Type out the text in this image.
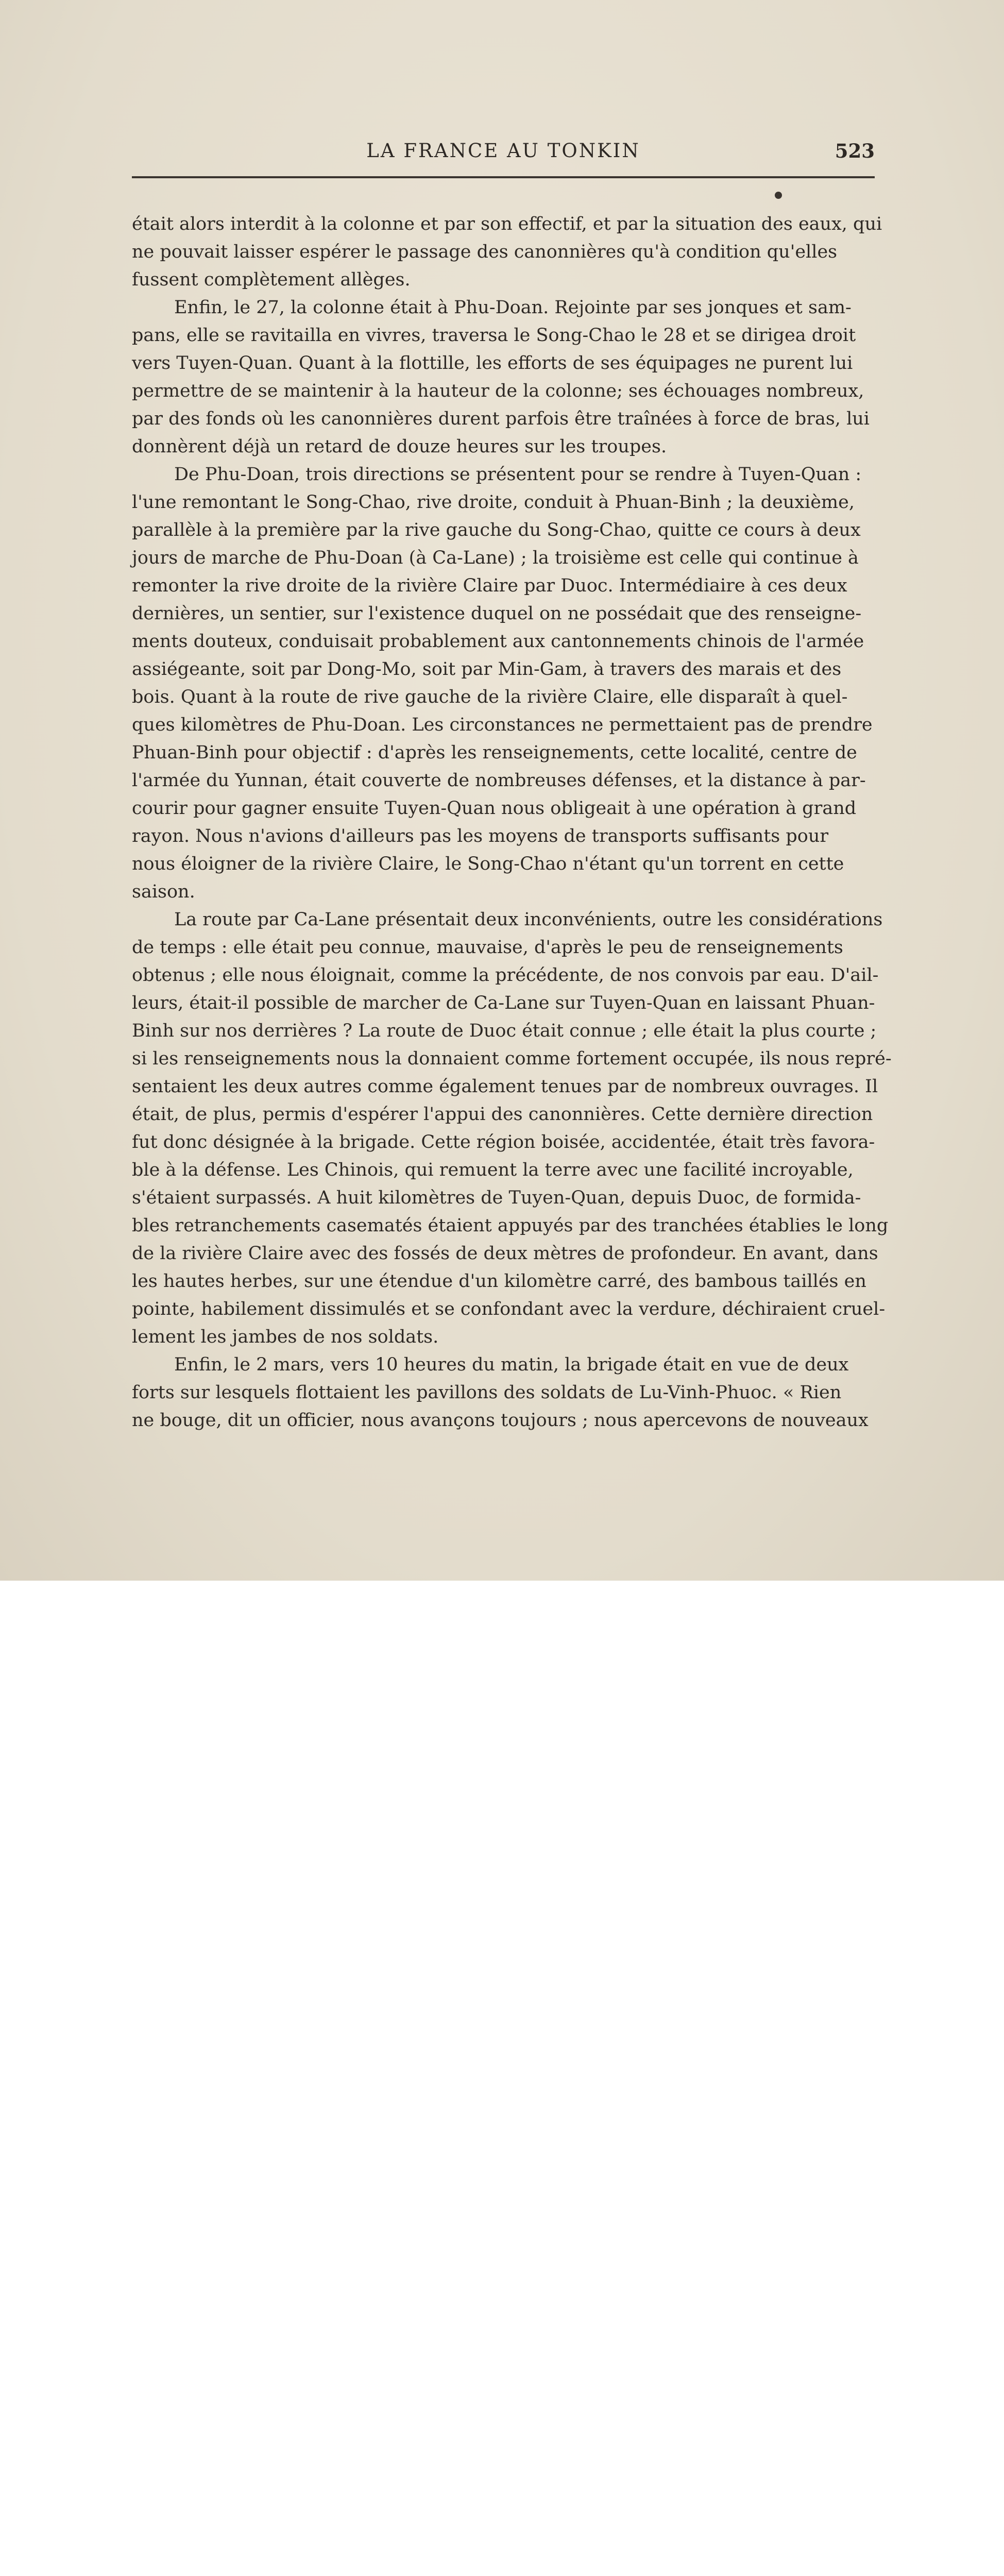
LA FRANCE AU TONKIN	523
était alors interdit à la colonne et par son effectif, et par la situation des eaux, qui
ne pouvait laisser espérer le passage des canonnières qu'à condition qu'elles
fussent complètement allèges.
Enfin, le 27, la colonne était à Phu-Doan. Rejointe par ses jonques et sam-
pans, elle se ravitailla en vivres, traversa le Song-Chao le 28 et se dirigea droit
vers Tuyen-Quan. Quant à la flottille, les efforts de ses équipages ne purent lui
permettre de se maintenir à la hauteur de la colonne; ses échouages nombreux,
par des fonds où les canonnières durent parfois être traînées à force de bras, lui
donnèrent déjà un retard de douze heures sur les troupes.
De Phu-Doan, trois directions se présentent pour se rendre à Tuyen-Quan :
l'une remontant le Song-Chao, rive droite, conduit à Phuan-Binh ; la deuxième,
parallèle à la première par la rive gauche du Song-Chao, quitte ce cours à deux
jours de marche de Phu-Doan (à Ca-Lane) ; la troisième est celle qui continue à
remonter la rive droite de la rivière Claire par Duoc. Intermédiaire à ces deux
dernières, un sentier, sur l'existence duquel on ne possédait que des renseigne-
ments douteux, conduisait probablement aux cantonnements chinois de l'armée
assiégeante, soit par Dong-Mo, soit par Min-Gam, à travers des marais et des
bois. Quant à la route de rive gauche de la rivière Claire, elle disparaît à quel-
ques kilomètres de Phu-Doan. Les circonstances ne permettaient pas de prendre
Phuan-Binh pour objectif : d'après les renseignements, cette localité, centre de
l'armée du Yunnan, était couverte de nombreuses défenses, et la distance à par-
courir pour gagner ensuite Tuyen-Quan nous obligeait à une opération à grand
rayon. Nous n'avions d'ailleurs pas les moyens de transports suffisants pour
nous éloigner de la rivière Claire, le Song-Chao n'étant qu'un torrent en cette
saison.
La route par Ca-Lane présentait deux inconvénients, outre les considérations
de temps : elle était peu connue, mauvaise, d'après le peu de renseignements
obtenus ; elle nous éloignait, comme la précédente, de nos convois par eau. D'ail-
leurs, était-il possible de marcher de Ca-Lane sur Tuyen-Quan en laissant Phuan-
Binh sur nos derrières ? La route de Duoc était connue ; elle était la plus courte ;
si les renseignements nous la donnaient comme fortement occupée, ils nous repré-
sentaient les deux autres comme également tenues par de nombreux ouvrages. Il
était, de plus, permis d'espérer l'appui des canonnières. Cette dernière direction
fut donc désignée à la brigade. Cette région boisée, accidentée, était très favora-
ble à la défense. Les Chinois, qui remuent la terre avec une facilité incroyable,
s'étaient surpassés. A huit kilomètres de Tuyen-Quan, depuis Duoc, de formida-
bles retranchements casematés étaient appuyés par des tranchées établies le long
de la rivière Claire avec des fossés de deux mètres de profondeur. En avant, dans
les hautes herbes, sur une étendue d'un kilomètre carré, des bambous taillés en
pointe, habilement dissimulés et se confondant avec la verdure, déchiraient cruel-
lement les jambes de nos soldats.
Enfin, le 2 mars, vers 10 heures du matin, la brigade était en vue de deux
forts sur lesquels flottaient les pavillons des soldats de Lu-Vinh-Phuoc. « Rien
ne bouge, dit un officier, nous avançons toujours ; nous apercevons de nouveaux
